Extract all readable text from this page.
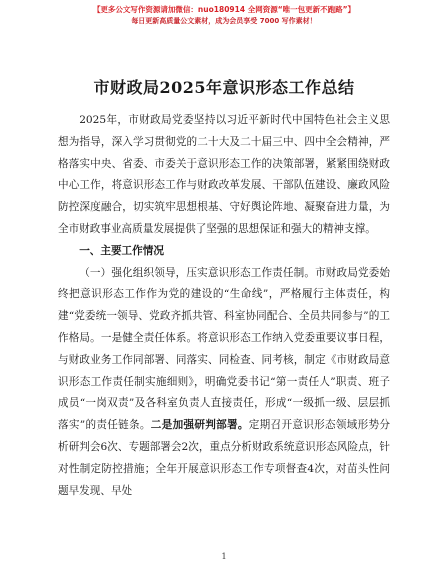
【更多公文写作资源请加微信：nuo180914 全网资源“唯一包更新不跑路”】
每日更新高质量公文素材，成为会员享受 7000 写作素材！
市财政局2025年意识形态工作总结

2025年，市财政局党委坚持以习近平新时代中国特色社会主义思想为指导，深入学习贯彻党的二十大及二十届三中、四中全会精神，严格落实中央、省委、市委关于意识形态工作的决策部署，紧紧围绕财政中心工作，将意识形态工作与财政改革发展、干部队伍建设、廉政风险防控深度融合，切实筑牢思想根基、守好舆论阵地、凝聚奋进力量，为全市财政事业高质量发展提供了坚强的思想保证和强大的精神支撑。

一、主要工作情况

（一）强化组织领导，压实意识形态工作责任制。市财政局党委始终把意识形态工作作为党的建设的“生命线”，严格履行主体责任，构建“党委统一领导、党政齐抓共管、科室协同配合、全员共同参与”的工作格局。一是健全责任体系。将意识形态工作纳入党委重要议事日程，与财政业务工作同部署、同落实、同检查、同考核，制定《市财政局意识形态工作责任制实施细则》，明确党委书记“第一责任人”职责、班子成员“一岗双责”及各科室负责人直接责任，形成“一级抓一级、层层抓落实”的责任链条。二是加强研判部署。定期召开意识形态领域形势分析研判会6次、专题部署会2次，重点分析财政系统意识形态风险点，针对性制定防控措施；全年开展意识形态工作专项督查4次，对苗头性问题早发现、早处

1
